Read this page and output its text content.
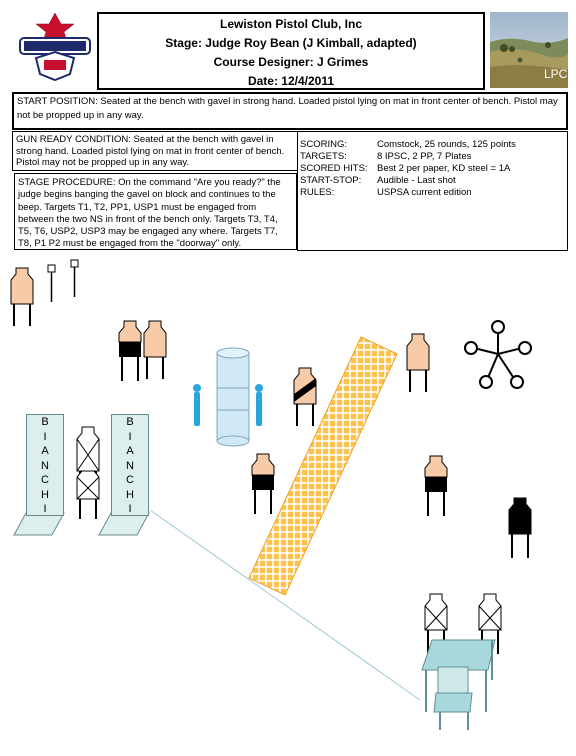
Lewiston Pistol Club, Inc
Stage: Judge Roy Bean (J Kimball, adapted)
Course Designer: J Grimes
Date: 12/4/2011	LPC
START POSITION: Seated at the bench with gavel in strong hand. Loaded pistol lying on mat in front center of bench. Pistol may not be propped up in any way.
GUN READY CONDITION: Seated at the bench with gavel in strong hand. Loaded pistol lying on mat in front center of bench. Pistol may not be propped up in any way.
STAGE PROCEDURE: On the command "Are you ready?" the judge begins banging the gavel on block and continues to the beep. Targets T1, T2, PP1, USP1 must be engaged from between the two NS in front of the bench only. Targets T3, T4, T5, T6, USP2, USP3 may be engaged any where. Targets T7, T8, P1 P2 must be engaged from the "doorway" only.
SCORING:	Comstock, 25 rounds, 125 points
TARGETS:	8 IPSC, 2 PP, 7 Plates
SCORED HITS: Best 2 per paper, KD steel = 1A
START-STOP:	Audible - Last shot
RULES:	USPSA current edition
B
I
A
N
C
H
I
B
I
A
N
C
H
I
